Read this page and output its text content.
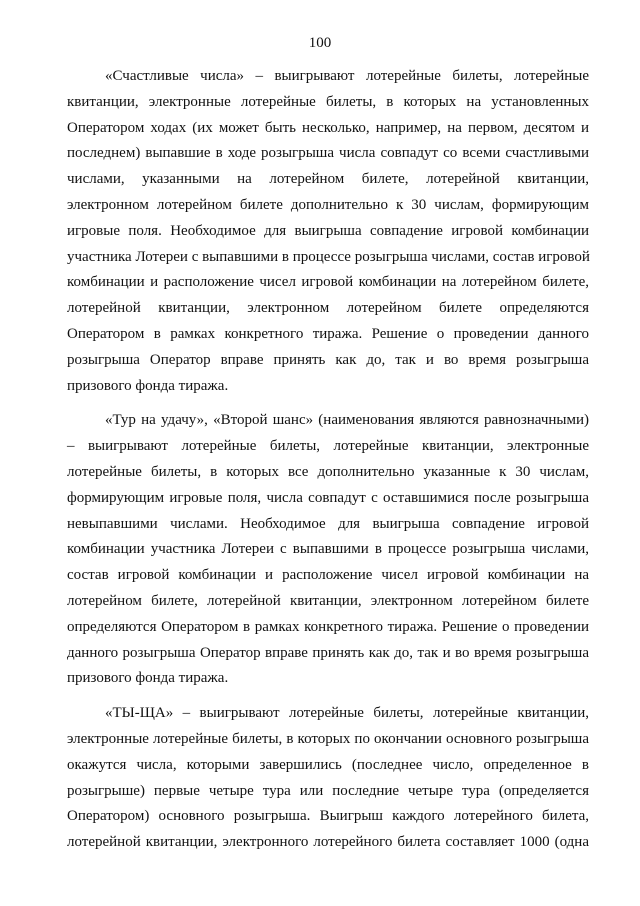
100

«Счастливые числа» – выигрывают лотерейные билеты, лотерейные
квитанции, электронные лотерейные билеты, в которых на установленных
Оператором ходах (их может быть несколько, например, на первом, десятом и
последнем) выпавшие в ходе розыгрыша числа совпадут со всеми счастливыми
числами, указанными на лотерейном билете, лотерейной квитанции,
электронном лотерейном билете дополнительно к 30 числам, формирующим
игровые поля. Необходимое для выигрыша совпадение игровой комбинации
участника Лотереи с выпавшими в процессе розыгрыша числами, состав игровой
комбинации и расположение чисел игровой комбинации на лотерейном билете,
лотерейной квитанции, электронном лотерейном билете определяются
Оператором в рамках конкретного тиража. Решение о проведении данного
розыгрыша Оператор вправе принять как до, так и во время розыгрыша
призового фонда тиража.

«Тур на удачу», «Второй шанс» (наименования являются равнозначными)
– выигрывают лотерейные билеты, лотерейные квитанции, электронные
лотерейные билеты, в которых все дополнительно указанные к 30 числам,
формирующим игровые поля, числа совпадут с оставшимися после розыгрыша
невыпавшими числами. Необходимое для выигрыша совпадение игровой
комбинации участника Лотереи с выпавшими в процессе розыгрыша числами,
состав игровой комбинации и расположение чисел игровой комбинации на
лотерейном билете, лотерейной квитанции, электронном лотерейном билете
определяются Оператором в рамках конкретного тиража. Решение о проведении
данного розыгрыша Оператор вправе принять как до, так и во время розыгрыша
призового фонда тиража.

«ТЫ-ЩА» – выигрывают лотерейные билеты, лотерейные квитанции,
электронные лотерейные билеты, в которых по окончании основного розыгрыша
окажутся числа, которыми завершились (последнее число, определенное в
розыгрыше) первые четыре тура или последние четыре тура (определяется
Оператором) основного розыгрыша. Выигрыш каждого лотерейного билета,
лотерейной квитанции, электронного лотерейного билета составляет 1000 (одна
